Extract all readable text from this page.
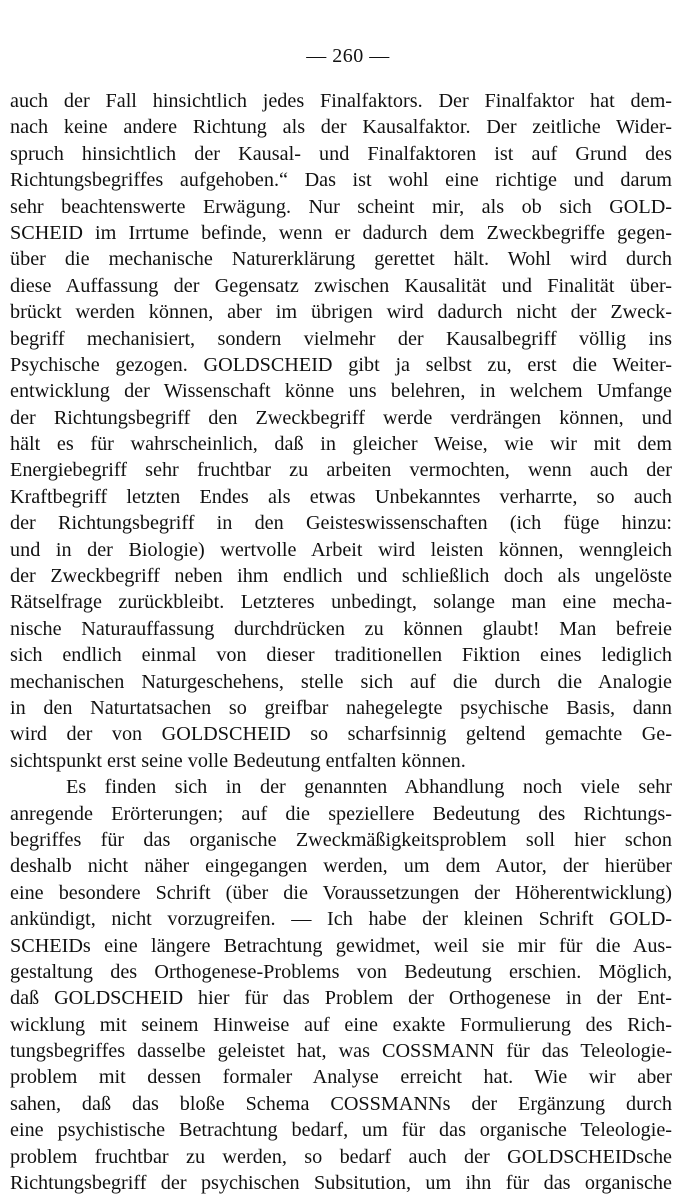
— 260 —
auch der Fall hinsichtlich jedes Finalfaktors. Der Finalfaktor hat dem-
nach keine andere Richtung als der Kausalfaktor. Der zeitliche Wider-
spruch hinsichtlich der Kausal- und Finalfaktoren ist auf Grund des
Richtungsbegriffes aufgehoben.“ Das ist wohl eine richtige und darum
sehr beachtenswerte Erwägung. Nur scheint mir, als ob sich GOLD-
SCHEID im Irrtume befinde, wenn er dadurch dem Zweckbegriffe gegen-
über die mechanische Naturerklärung gerettet hält. Wohl wird durch
diese Auffassung der Gegensatz zwischen Kausalität und Finalität über-
brückt werden können, aber im übrigen wird dadurch nicht der Zweck-
begriff mechanisiert, sondern vielmehr der Kausalbegriff völlig ins
Psychische gezogen. GOLDSCHEID gibt ja selbst zu, erst die Weiter-
entwicklung der Wissenschaft könne uns belehren, in welchem Umfange
der Richtungsbegriff den Zweckbegriff werde verdrängen können, und
hält es für wahrscheinlich, daß in gleicher Weise, wie wir mit dem
Energiebegriff sehr fruchtbar zu arbeiten vermochten, wenn auch der
Kraftbegriff letzten Endes als etwas Unbekanntes verharrte, so auch
der Richtungsbegriff in den Geisteswissenschaften (ich füge hinzu:
und in der Biologie) wertvolle Arbeit wird leisten können, wenngleich
der Zweckbegriff neben ihm endlich und schließlich doch als ungelöste
Rätselfrage zurückbleibt. Letzteres unbedingt, solange man eine mecha-
nische Naturauffassung durchdrücken zu können glaubt! Man befreie
sich endlich einmal von dieser traditionellen Fiktion eines lediglich
mechanischen Naturgeschehens, stelle sich auf die durch die Analogie
in den Naturtatsachen so greifbar nahegelegte psychische Basis, dann
wird der von GOLDSCHEID so scharfsinnig geltend gemachte Ge-
sichtspunkt erst seine volle Bedeutung entfalten können.
Es finden sich in der genannten Abhandlung noch viele sehr
anregende Erörterungen; auf die speziellere Bedeutung des Richtungs-
begriffes für das organische Zweckmäßigkeitsproblem soll hier schon
deshalb nicht näher eingegangen werden, um dem Autor, der hierüber
eine besondere Schrift (über die Voraussetzungen der Höherentwicklung)
ankündigt, nicht vorzugreifen. — Ich habe der kleinen Schrift GOLD-
SCHEIDs eine längere Betrachtung gewidmet, weil sie mir für die Aus-
gestaltung des Orthogenese-Problems von Bedeutung erschien. Möglich,
daß GOLDSCHEID hier für das Problem der Orthogenese in der Ent-
wicklung mit seinem Hinweise auf eine exakte Formulierung des Rich-
tungsbegriffes dasselbe geleistet hat, was COSSMANN für das Teleologie-
problem mit dessen formaler Analyse erreicht hat. Wie wir aber
sahen, daß das bloße Schema COSSMANNs der Ergänzung durch
eine psychistische Betrachtung bedarf, um für das organische Teleologie-
problem fruchtbar zu werden, so bedarf auch der GOLDSCHEIDsche
Richtungsbegriff der psychischen Subsitution, um ihn für das organische
